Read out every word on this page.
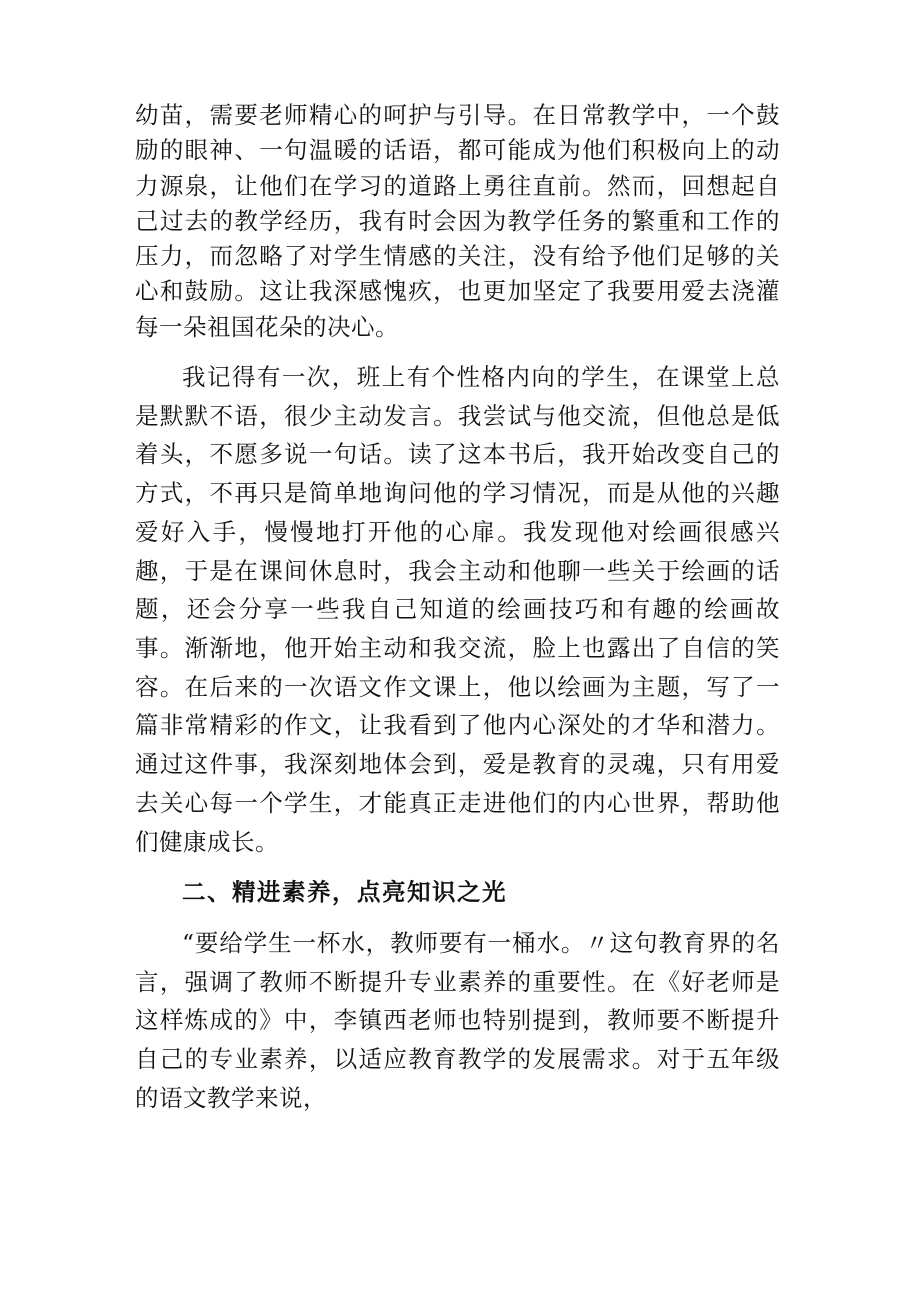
幼苗，需要老师精心的呵护与引导。在日常教学中，一个鼓励的眼神、一句温暖的话语，都可能成为他们积极向上的动力源泉，让他们在学习的道路上勇往直前。然而，回想起自己过去的教学经历，我有时会因为教学任务的繁重和工作的压力，而忽略了对学生情感的关注，没有给予他们足够的关心和鼓励。这让我深感愧疚，也更加坚定了我要用爱去浇灌每一朵祖国花朵的决心。

我记得有一次，班上有个性格内向的学生，在课堂上总是默默不语，很少主动发言。我尝试与他交流，但他总是低着头，不愿多说一句话。读了这本书后，我开始改变自己的方式，不再只是简单地询问他的学习情况，而是从他的兴趣爱好入手，慢慢地打开他的心扉。我发现他对绘画很感兴趣，于是在课间休息时，我会主动和他聊一些关于绘画的话题，还会分享一些我自己知道的绘画技巧和有趣的绘画故事。渐渐地，他开始主动和我交流，脸上也露出了自信的笑容。在后来的一次语文作文课上，他以绘画为主题，写了一篇非常精彩的作文，让我看到了他内心深处的才华和潜力。通过这件事，我深刻地体会到，爱是教育的灵魂，只有用爱去关心每一个学生，才能真正走进他们的内心世界，帮助他们健康成长。

二、精进素养，点亮知识之光

“要给学生一杯水，教师要有一桶水。〃这句教育界的名言，强调了教师不断提升专业素养的重要性。在《好老师是这样炼成的》中，李镇西老师也特别提到，教师要不断提升自己的专业素养，以适应教育教学的发展需求。对于五年级的语文教学来说，
